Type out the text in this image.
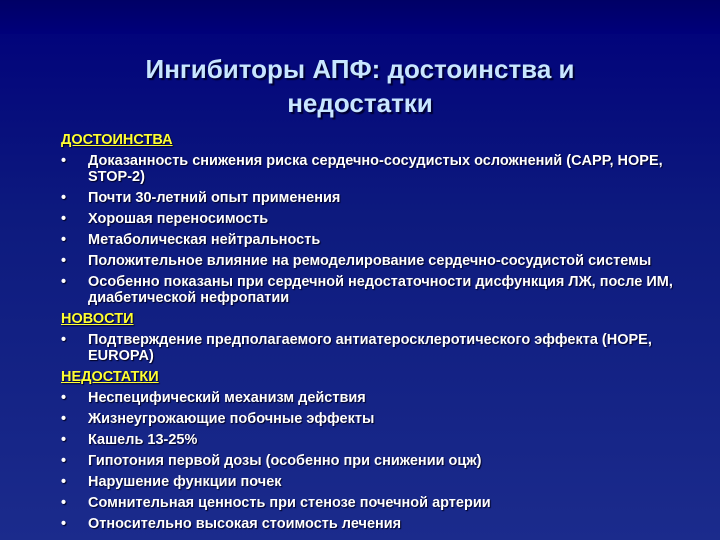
Ингибиторы АПФ: достоинства и
недостатки
ДОСТОИНСТВА
• Доказанность снижения риска сердечно-сосудистых осложнений (CAPP, HOPE, STOP-2)
• Почти 30-летний опыт применения
• Хорошая переносимость
• Метаболическая нейтральность
• Положительное влияние на ремоделирование сердечно-сосудистой системы
• Особенно показаны при сердечной недостаточности дисфункция ЛЖ, после ИМ, диабетической нефропатии
НОВОСТИ
• Подтверждение предполагаемого антиатеросклеротического эффекта (HOPE, EUROPA)
НЕДОСТАТКИ
• Неспецифический механизм действия
• Жизнеугрожающие побочные эффекты
• Кашель 13-25%
• Гипотония первой дозы (особенно при снижении оцж)
• Нарушение функции почек
• Сомнительная ценность при стенозе почечной артерии
• Относительно высокая стоимость лечения
